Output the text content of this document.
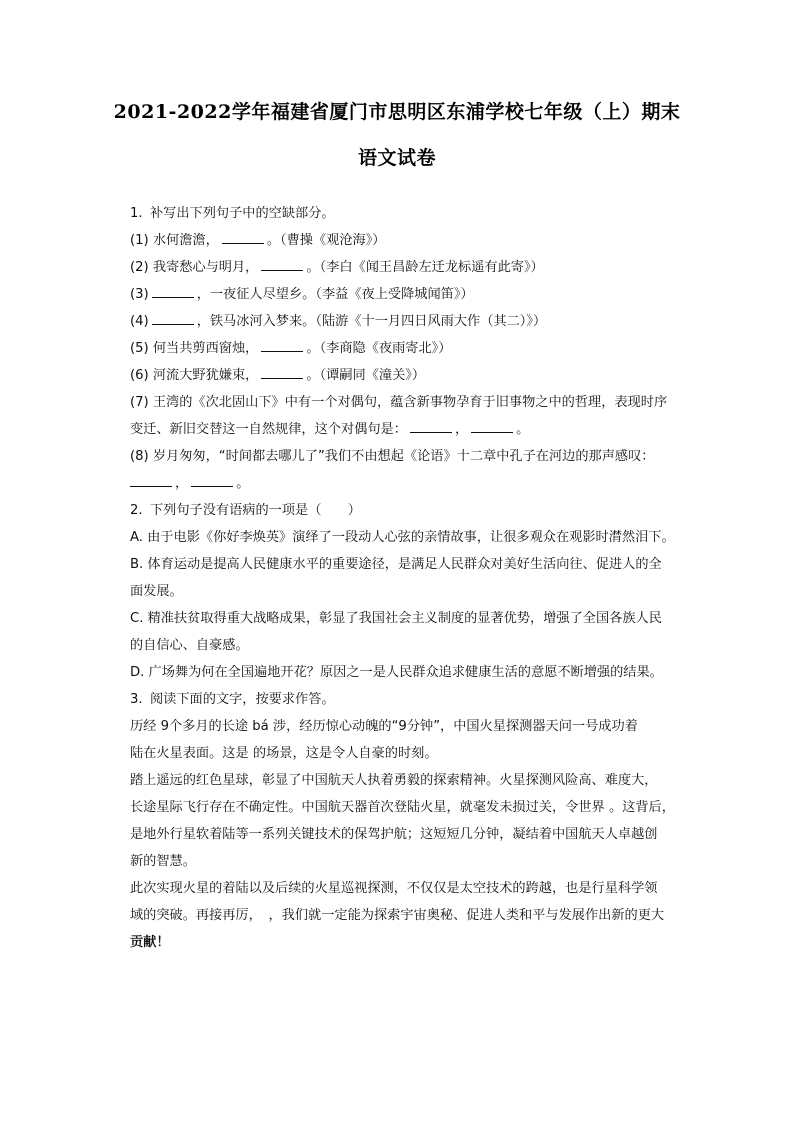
2021-2022学年福建省厦门市思明区东浦学校七年级（上）期末
语文试卷
1. 补写出下列句子中的空缺部分。
(1) 水何澹澹，	。（曹操《观沧海》）
(2) 我寄愁心与明月，	。（李白《闻王昌龄左迁龙标遥有此寄》）
(3)	，一夜征人尽望乡。（李益《夜上受降城闻笛》）
(4)	，铁马冰河入梦来。（陆游《十一月四日风雨大作（其二）》）
(5) 何当共剪西窗烛，	。（李商隐《夜雨寄北》）
(6) 河流大野犹嫌束，	。（谭嗣同《潼关》）
(7) 王湾的《次北固山下》中有一个对偶句，蕴含新事物孕育于旧事物之中的哲理，表现时序
变迁、新旧交替这一自然规律，这个对偶句是：	，	。
(8) 岁月匆匆，“时间都去哪儿了”我们不由想起《论语》十二章中孔子在河边的那声感叹：
，	。
2. 下列句子没有语病的一项是（　　）
A. 由于电影《你好李焕英》演绎了一段动人心弦的亲情故事，让很多观众在观影时潸然泪下。
B. 体育运动是提高人民健康水平的重要途径，是满足人民群众对美好生活向往、促进人的全
面发展。
C. 精准扶贫取得重大战略成果，彰显了我国社会主义制度的显著优势，增强了全国各族人民
的自信心、自豪感。
D. 广场舞为何在全国遍地开花？原因之一是人民群众追求健康生活的意愿不断增强的结果。
3. 阅读下面的文字，按要求作答。
历经 9个多月的长途 bá 涉，经历惊心动魄的“9分钟”，中国火星探测器天问一号成功着
陆在火星表面。这是 的场景，这是令人自豪的时刻。
踏上遥远的红色星球，彰显了中国航天人执着勇毅的探索精神。火星探测风险高、难度大，
长途星际飞行存在不确定性。中国航天器首次登陆火星，就毫发未损过关，令世界 。这背后，
是地外行星软着陆等一系列关键技术的保驾护航；这短短几分钟，凝结着中国航天人卓越创
新的智慧。
此次实现火星的着陆以及后续的火星巡视探测，不仅仅是太空技术的跨越，也是行星科学领
域的突破。再接再厉，　，我们就一定能为探索宇宙奥秘、促进人类和平与发展作出新的更大
贡献！
